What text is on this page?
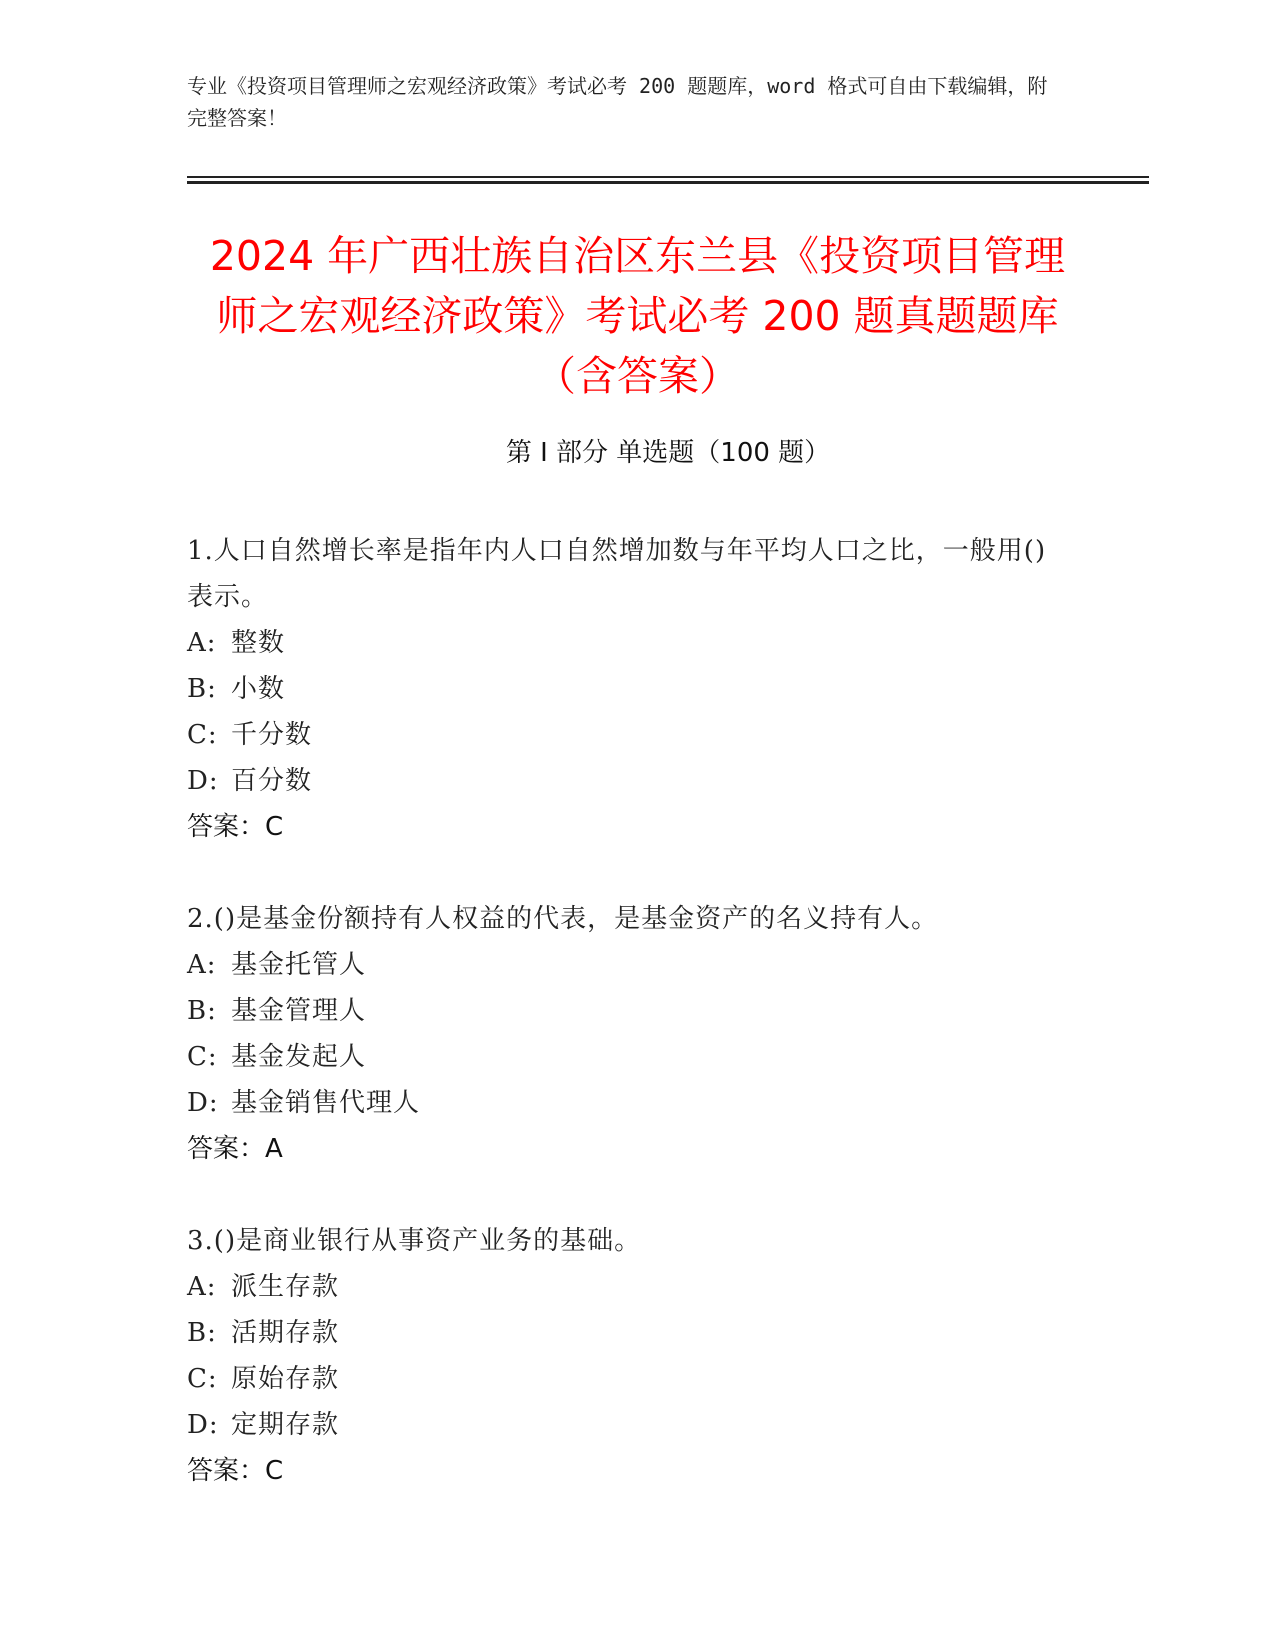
专业《投资项目管理师之宏观经济政策》考试必考 200 题题库，word 格式可自由下载编辑，附完整答案！
2024 年广西壮族自治区东兰县《投资项目管理师之宏观经济政策》考试必考 200 题真题题库（含答案）
第 I 部分 单选题（100 题）
1.人口自然增长率是指年内人口自然增加数与年平均人口之比，一般用()表示。
A: 整数
B: 小数
C: 千分数
D: 百分数
答案：C
2.()是基金份额持有人权益的代表，是基金资产的名义持有人。
A: 基金托管人
B: 基金管理人
C: 基金发起人
D: 基金销售代理人
答案：A
3.()是商业银行从事资产业务的基础。
A: 派生存款
B: 活期存款
C: 原始存款
D: 定期存款
答案：C
